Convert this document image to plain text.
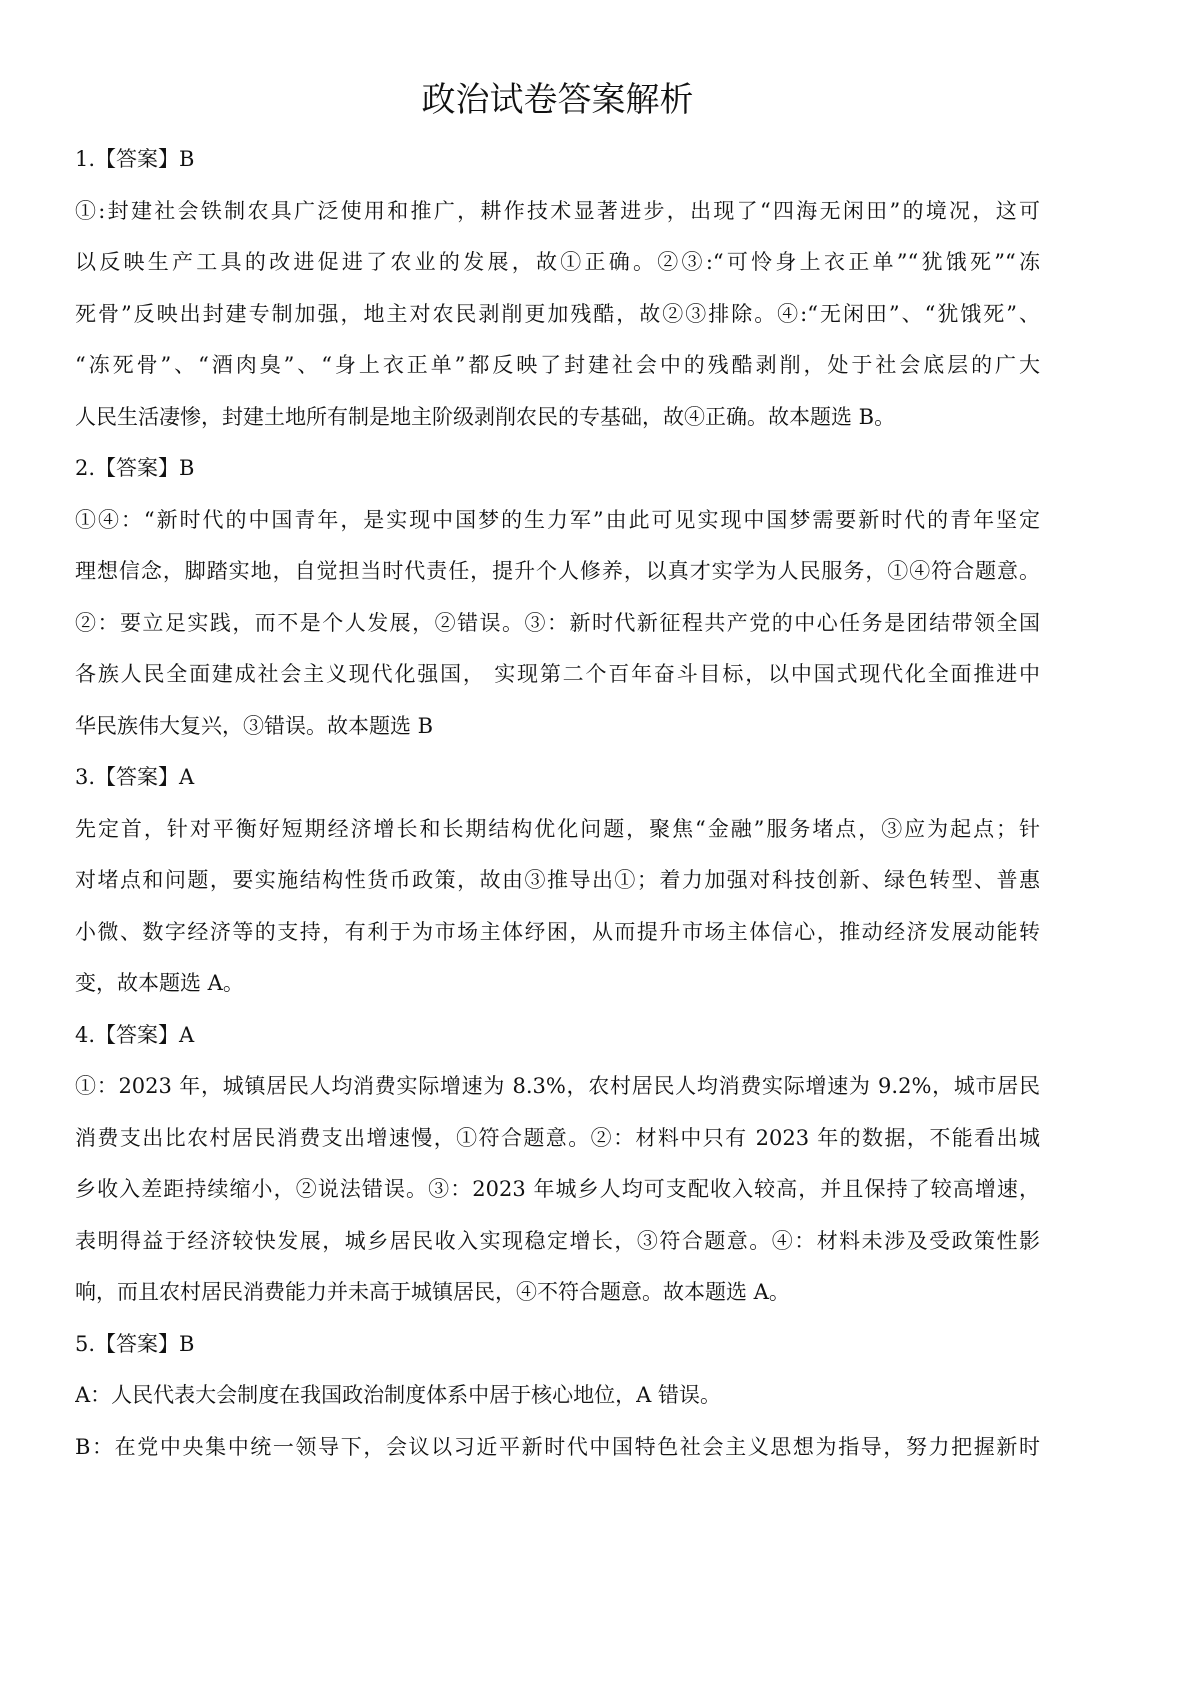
政治试卷答案解析
1.【答案】B
①:封建社会铁制农具广泛使用和推广，耕作技术显著进步，出现了“四海无闲田”的境况，这可
以反映生产工具的改进促进了农业的发展，故①正确。②③:“可怜身上衣正单”“犹饿死”“冻
死骨”反映出封建专制加强，地主对农民剥削更加残酷，故②③排除。④:“无闲田”、“犹饿死”、
“冻死骨”、“酒肉臭”、“身上衣正单”都反映了封建社会中的残酷剥削，处于社会底层的广大
人民生活凄惨，封建土地所有制是地主阶级剥削农民的专基础，故④正确。故本题选 B。
2.【答案】B
①④：“新时代的中国青年，是实现中国梦的生力军”由此可见实现中国梦需要新时代的青年坚定
理想信念，脚踏实地，自觉担当时代责任，提升个人修养，以真才实学为人民服务，①④符合题意。
②：要立足实践，而不是个人发展，②错误。③：新时代新征程共产党的中心任务是团结带领全国
各族人民全面建成社会主义现代化强国， 实现第二个百年奋斗目标，以中国式现代化全面推进中
华民族伟大复兴，③错误。故本题选 B
3.【答案】A
先定首，针对平衡好短期经济增长和长期结构优化问题，聚焦“金融”服务堵点，③应为起点；针
对堵点和问题，要实施结构性货币政策，故由③推导出①；着力加强对科技创新、绿色转型、普惠
小微、数字经济等的支持，有利于为市场主体纾困，从而提升市场主体信心，推动经济发展动能转
变，故本题选 A。
4.【答案】A
①：2023 年，城镇居民人均消费实际增速为 8.3%，农村居民人均消费实际增速为 9.2%，城市居民
消费支出比农村居民消费支出增速慢，①符合题意。②：材料中只有 2023 年的数据，不能看出城
乡收入差距持续缩小，②说法错误。③：2023 年城乡人均可支配收入较高，并且保持了较高增速，
表明得益于经济较快发展，城乡居民收入实现稳定增长，③符合题意。④：材料未涉及受政策性影
响，而且农村居民消费能力并未高于城镇居民，④不符合题意。故本题选 A。
5.【答案】B
A：人民代表大会制度在我国政治制度体系中居于核心地位，A 错误。
B：在党中央集中统一领导下，会议以习近平新时代中国特色社会主义思想为指导，努力把握新时
